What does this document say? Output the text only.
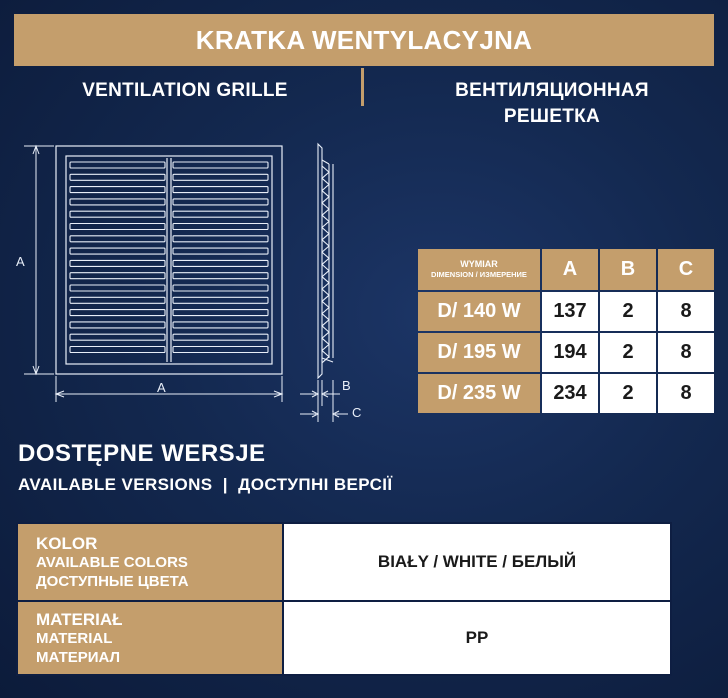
KRATKA WENTYLACYJNA
VENTILATION GRILLE	ВЕНТИЛЯЦИОННАЯ
РЕШЕТКА
A
A	B
C
WYMIAR
DIMENSION / ИЗМЕРЕНИЕ	A	B	C
D/ 140 W	137	2	8
D/ 195 W	194	2	8
D/ 235 W	234	2	8
DOSTĘPNE WERSJE
AVAILABLE VERSIONS  |  ДОСТУПНІ ВЕРСІЇ
KOLOR
AVAILABLE COLORS
ДОСТУПНЫЕ ЦВЕТА	BIAŁY / WHITE / БЕЛЫЙ

MATERIAŁ
MATERIAL
МАТЕРИАЛ	PP
